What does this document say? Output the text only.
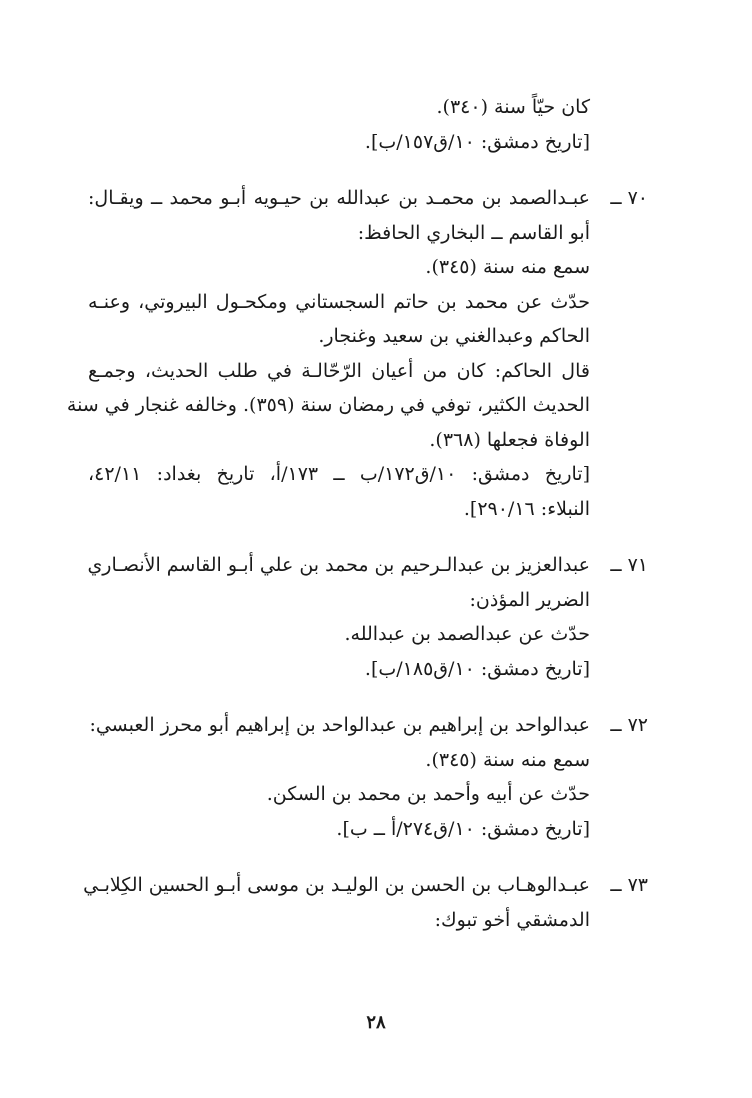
كان حيّاً سنة (٣٤٠).
[تاريخ دمشق: ١٠/ق١٥٧/ب].
٧٠ ــ
عبـدالصمد بن محمـد بن عبدالله بن حيـويه أبـو محمد ــ ويقـال:
أبو القاسم ــ البخاري الحافظ:
سمع منه سنة (٣٤٥).
حدّث عن محمد بن حاتم السجستاني ومكحـول البيروتي، وعنـه
الحاكم وعبدالغني بن سعيد وغنجار.
قال الحاكم: كان من أعيان الرّحّالـة في طلب الحديث، وجمـع
الحديث الكثير، توفي في رمضان سنة (٣٥٩). وخالفه غنجار في سنة
الوفاة فجعلها (٣٦٨).
[تاريخ دمشق: ١٠/ق١٧٢/ب ــ ١٧٣/أ، تاريخ بغداد: ٤٢/١١،
النبلاء: ٢٩٠/١٦].
٧١ ــ
عبدالعزيز بن عبدالـرحيم بن محمد بن علي أبـو القاسم الأنصـاري
الضرير المؤذن:
حدّث عن عبدالصمد بن عبدالله.
[تاريخ دمشق: ١٠/ق١٨٥/ب].
٧٢ ــ
عبدالواحد بن إبراهيم بن عبدالواحد بن إبراهيم أبو محرز العبسي:
سمع منه سنة (٣٤٥).
حدّث عن أبيه وأحمد بن محمد بن السكن.
[تاريخ دمشق: ١٠/ق٢٧٤/أ ــ ب].
٧٣ ــ
عبـدالوهـاب بن الحسن بن الوليـد بن موسى أبـو الحسين الكِلابـي
الدمشقي أخو تبوك:
٢٨
